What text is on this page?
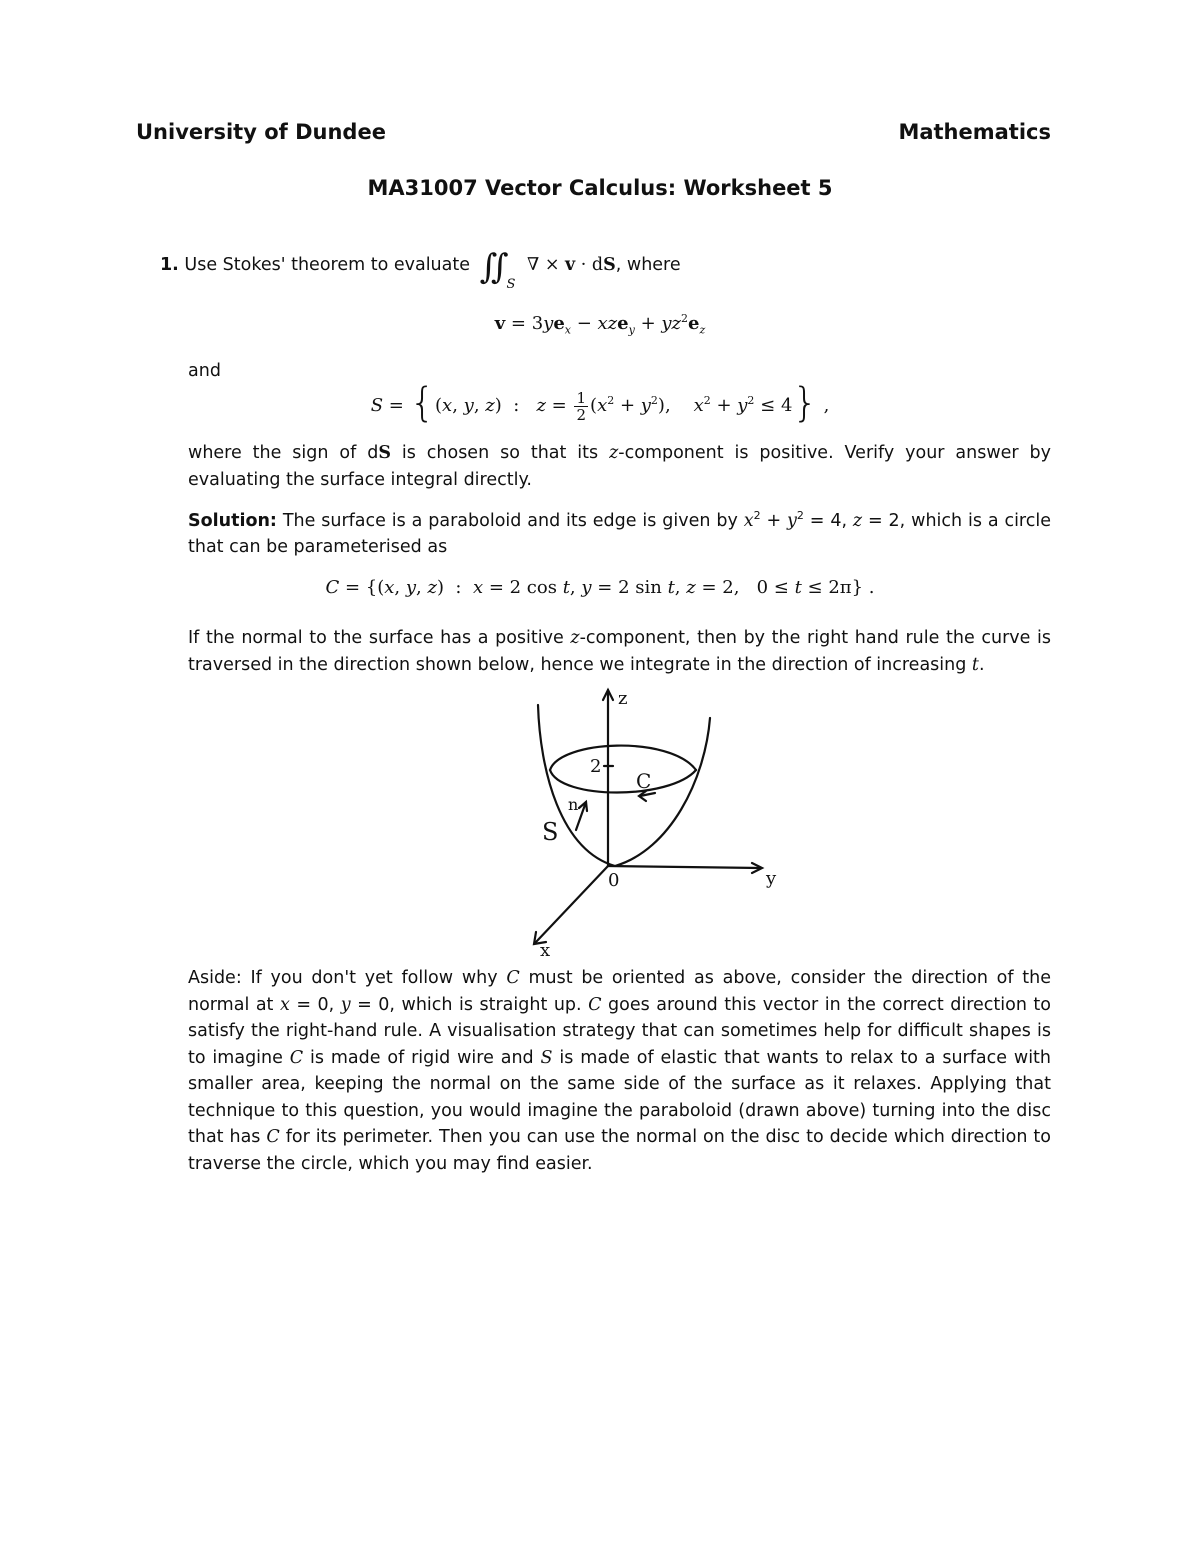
University of Dundee	Mathematics
MA31007 Vector Calculus: Worksheet 5
1. Use Stokes' theorem to evaluate ∬ $_S$ ∇ × v · dS, where
$v = 3ye_x - xze_y + yz^2e_z$
and
S = {(x, y, z)  :   $z = \frac{1}{2} (x^2 + y^2)$,    $x^2 + y^2 \le 4$} ,
where the sign of dS is chosen so that its z-component is positive. Verify your answer by evaluating the surface integral directly.
Solution: The surface is a paraboloid and its edge is given by $x^2 + y^2 = 4$, z = 2, which is a circle that can be parameterised as
C = {(x, y, z)  :  x = 2 cos t, y = 2 sin t, z = 2,   0 ≤ t ≤ 2π} .
If the normal to the surface has a positive z-component, then by the right hand rule the curve is traversed in the direction shown below, hence we integrate in the direction of increasing t.
z
y
x
0
2
S
n
C
Aside: If you don't yet follow why C must be oriented as above, consider the direction of the normal at x = 0, y = 0, which is straight up. C goes around this vector in the correct direction to satisfy the right-hand rule. A visualisation strategy that can sometimes help for difficult shapes is to imagine C is made of rigid wire and S is made of elastic that wants to relax to a surface with smaller area, keeping the normal on the same side of the surface as it relaxes. Applying that technique to this question, you would imagine the paraboloid (drawn above) turning into the disc that has C for its perimeter. Then you can use the normal on the disc to decide which direction to traverse the circle, which you may find easier.
